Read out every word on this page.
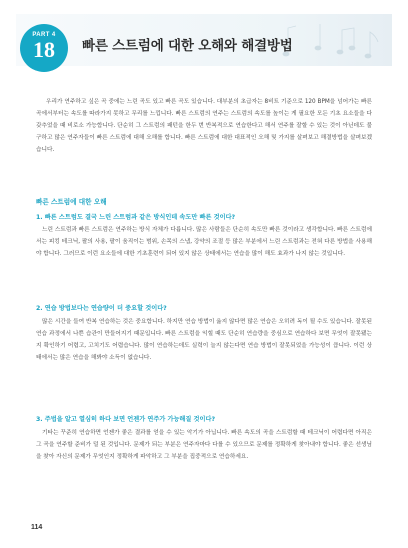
PART 4
18	빠른 스트럼에 대한 오해와 해결방법
우리가 연주하고 싶은 곡 중에는 느린 곡도 있고 빠른 곡도 있습니다. 대부분의 초급자는 8비트 기준으로 120 BPM을 넘어가는 빠른 곡에서부터는 속도를 따라가지 못하고 무리를 느낍니다. 빠른 스트럼의 연주는 스트럼의 속도를 높이는 게 필요한 모든 기초 요소들을 다 갖추었을 때 비로소 가능합니다. 단순히 그 스트럼의 패턴을 한두 번 반복적으로 연습한다고 해서 연주를 잘할 수 있는 것이 아닌데도 불구하고 많은 연주자들이 빠른 스트럼에 대해 오해를 합니다. 빠른 스트럼에 대한 대표적인 오해 및 가지를 살펴보고 해결방법을 살펴보겠습니다.
빠른 스트럼에 대한 오해
1. 빠른 스트럼도 결국 느린 스트럼과 같은 방식인데 속도만 빠른 것이다?
느린 스트럼과 빠른 스트럼은 연주하는 방식 자체가 다릅니다. 많은 사람들은 단순히 속도만 빠른 것이라고 생각합니다. 빠른 스트럼에서는 피킹 테크닉, 팔의 사용, 팔이 움직이는 범위, 손목의 스냅, 강약의 조절 등 많은 부분에서 느린 스트럼과는 전혀 다른 방법을 사용해야 합니다. 그러므로 이런 요소들에 대한 기초훈련이 되어 있지 않은 상태에서는 연습을 많이 해도 효과가 나지 않는 것입니다.
2. 연습 방법보다는 연습량이 더 중요할 것이다?
많은 시간을 들여 반복 연습하는 것은 중요합니다. 하지만 연습 방법이 옳지 않다면 많은 연습은 오히려 독이 될 수도 있습니다. 잘못된 연습 과정에서 나쁜 습관이 만들어지기 때문입니다. 빠른 스트럼을 익힐 때도 단순히 연습량을 중심으로 연습하다 보면 무엇이 잘못됐는지 확인하기 어렵고, 고치기도 어렵습니다. 많이 연습하는데도 실력이 늘지 않는다면 연습 방법이 잘못되었을 가능성이 큽니다. 이런 상태에서는 많은 연습을 해봐야 소득이 없습니다.
3. 주법을 알고 열심히 하다 보면 언젠가 연주가 가능해질 것이다?
기타는 꾸준히 연습하면 언젠가 좋은 결과를 얻을 수 있는 악기가 아닙니다. 빠른 속도의 곡을 스트럼할 때 테크닉이 어렵다면 아직은 그 곡을 연주할 준비가 덜 된 것입니다. 문제가 되는 부분은 연주자마다 다를 수 있으므로 문제를 정확하게 찾아내야 합니다. 좋은 선생님을 찾아 자신의 문제가 무엇인지 정확하게 파악하고 그 부분을 집중적으로 연습하세요.
114
